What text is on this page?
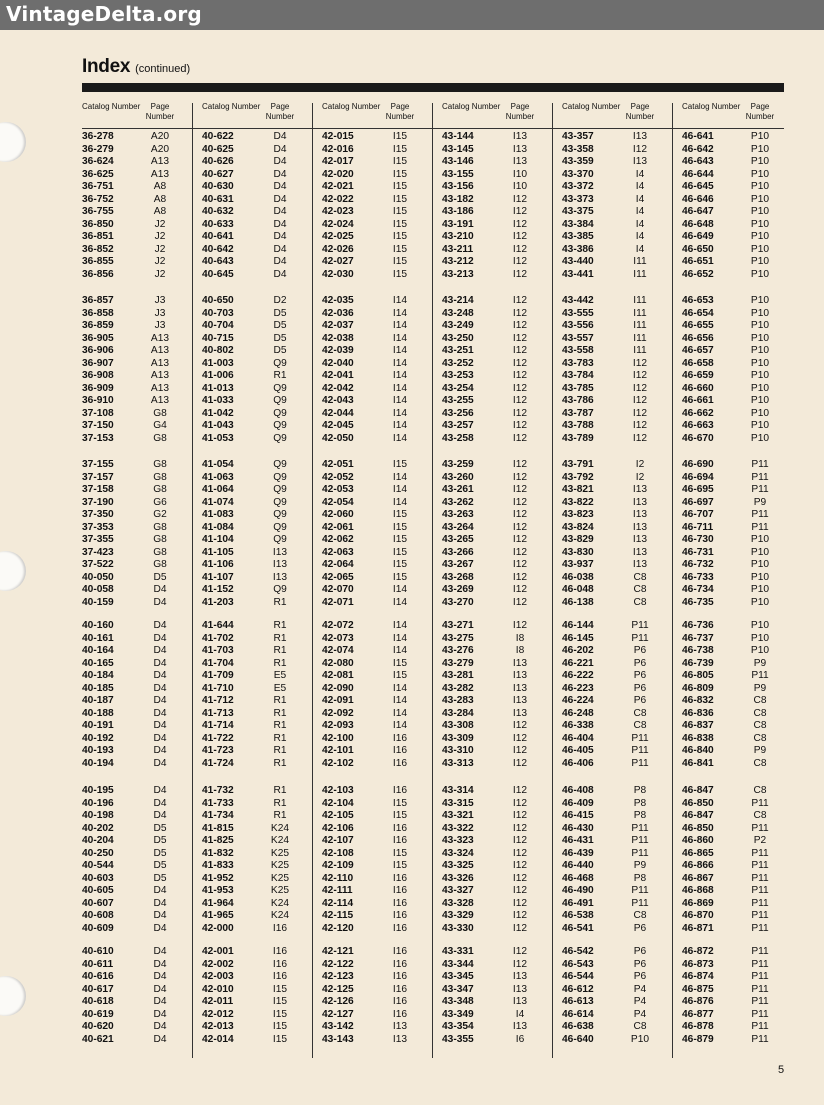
VintageDelta.org
Index (continued)
Catalog Number	Page Number
Catalog Number	Page Number
Catalog Number	Page Number
Catalog Number	Page Number
Catalog Number	Page Number
Catalog Number	Page Number
36-278	A20
36-279	A20
36-624	A13
36-625	A13
36-751	A8
36-752	A8
36-755	A8
36-850	J2
36-851	J2
36-852	J2
36-855	J2
36-856	J2
36-857	J3
36-858	J3
36-859	J3
36-905	A13
36-906	A13
36-907	A13
36-908	A13
36-909	A13
36-910	A13
37-108	G8
37-150	G4
37-153	G8
37-155	G8
37-157	G8
37-158	G8
37-190	G6
37-350	G2
37-353	G8
37-355	G8
37-423	G8
37-522	G8
40-050	D5
40-058	D4
40-159	D4
40-160	D4
40-161	D4
40-164	D4
40-165	D4
40-184	D4
40-185	D4
40-187	D4
40-188	D4
40-191	D4
40-192	D4
40-193	D4
40-194	D4
40-195	D4
40-196	D4
40-198	D4
40-202	D5
40-204	D5
40-250	D5
40-544	D5
40-603	D5
40-605	D4
40-607	D4
40-608	D4
40-609	D4
40-610	D4
40-611	D4
40-616	D4
40-617	D4
40-618	D4
40-619	D4
40-620	D4
40-621	D4
40-622	D4
40-625	D4
40-626	D4
40-627	D4
40-630	D4
40-631	D4
40-632	D4
40-633	D4
40-641	D4
40-642	D4
40-643	D4
40-645	D4
40-650	D2
40-703	D5
40-704	D5
40-715	D5
40-802	D5
41-003	Q9
41-006	R1
41-013	Q9
41-033	Q9
41-042	Q9
41-043	Q9
41-053	Q9
41-054	Q9
41-063	Q9
41-064	Q9
41-074	Q9
41-083	Q9
41-084	Q9
41-104	Q9
41-105	I13
41-106	I13
41-107	I13
41-152	Q9
41-203	R1
41-644	R1
41-702	R1
41-703	R1
41-704	R1
41-709	E5
41-710	E5
41-712	R1
41-713	R1
41-714	R1
41-722	R1
41-723	R1
41-724	R1
41-732	R1
41-733	R1
41-734	R1
41-815	K24
41-825	K24
41-832	K25
41-833	K25
41-952	K25
41-953	K25
41-964	K24
41-965	K24
42-000	I16
42-001	I16
42-002	I16
42-003	I16
42-010	I15
42-011	I15
42-012	I15
42-013	I15
42-014	I15
42-015	I15
42-016	I15
42-017	I15
42-020	I15
42-021	I15
42-022	I15
42-023	I15
42-024	I15
42-025	I15
42-026	I15
42-027	I15
42-030	I15
42-035	I14
42-036	I14
42-037	I14
42-038	I14
42-039	I14
42-040	I14
42-041	I14
42-042	I14
42-043	I14
42-044	I14
42-045	I14
42-050	I14
42-051	I15
42-052	I14
42-053	I14
42-054	I14
42-060	I15
42-061	I15
42-062	I15
42-063	I15
42-064	I15
42-065	I15
42-070	I14
42-071	I14
42-072	I14
42-073	I14
42-074	I14
42-080	I15
42-081	I15
42-090	I14
42-091	I14
42-092	I14
42-093	I14
42-100	I16
42-101	I16
42-102	I16
42-103	I16
42-104	I15
42-105	I15
42-106	I16
42-107	I16
42-108	I15
42-109	I15
42-110	I16
42-111	I16
42-114	I16
42-115	I16
42-120	I16
42-121	I16
42-122	I16
42-123	I16
42-125	I16
42-126	I16
42-127	I16
43-142	I13
43-143	I13
43-144	I13
43-145	I13
43-146	I13
43-155	I10
43-156	I10
43-182	I12
43-186	I12
43-191	I12
43-210	I12
43-211	I12
43-212	I12
43-213	I12
43-214	I12
43-248	I12
43-249	I12
43-250	I12
43-251	I12
43-252	I12
43-253	I12
43-254	I12
43-255	I12
43-256	I12
43-257	I12
43-258	I12
43-259	I12
43-260	I12
43-261	I12
43-262	I12
43-263	I12
43-264	I12
43-265	I12
43-266	I12
43-267	I12
43-268	I12
43-269	I12
43-270	I12
43-271	I12
43-275	I8
43-276	I8
43-279	I13
43-281	I13
43-282	I13
43-283	I13
43-284	I13
43-308	I12
43-309	I12
43-310	I12
43-313	I12
43-314	I12
43-315	I12
43-321	I12
43-322	I12
43-323	I12
43-324	I12
43-325	I12
43-326	I12
43-327	I12
43-328	I12
43-329	I12
43-330	I12
43-331	I12
43-344	I12
43-345	I13
43-347	I13
43-348	I13
43-349	I4
43-354	I13
43-355	I6
43-357	I13
43-358	I12
43-359	I13
43-370	I4
43-372	I4
43-373	I4
43-375	I4
43-384	I4
43-385	I4
43-386	I4
43-440	I11
43-441	I11
43-442	I11
43-555	I11
43-556	I11
43-557	I11
43-558	I11
43-783	I12
43-784	I12
43-785	I12
43-786	I12
43-787	I12
43-788	I12
43-789	I12
43-791	I2
43-792	I2
43-821	I13
43-822	I13
43-823	I13
43-824	I13
43-829	I13
43-830	I13
43-937	I13
46-038	C8
46-048	C8
46-138	C8
46-144	P11
46-145	P11
46-202	P6
46-221	P6
46-222	P6
46-223	P6
46-224	P6
46-248	C8
46-338	C8
46-404	P11
46-405	P11
46-406	P11
46-408	P8
46-409	P8
46-415	P8
46-430	P11
46-431	P11
46-439	P11
46-440	P9
46-468	P8
46-490	P11
46-491	P11
46-538	C8
46-541	P6
46-542	P6
46-543	P6
46-544	P6
46-612	P4
46-613	P4
46-614	P4
46-638	C8
46-640	P10
46-641	P10
46-642	P10
46-643	P10
46-644	P10
46-645	P10
46-646	P10
46-647	P10
46-648	P10
46-649	P10
46-650	P10
46-651	P10
46-652	P10
46-653	P10
46-654	P10
46-655	P10
46-656	P10
46-657	P10
46-658	P10
46-659	P10
46-660	P10
46-661	P10
46-662	P10
46-663	P10
46-670	P10
46-690	P11
46-694	P11
46-695	P11
46-697	P9
46-707	P11
46-711	P11
46-730	P10
46-731	P10
46-732	P10
46-733	P10
46-734	P10
46-735	P10
46-736	P10
46-737	P10
46-738	P10
46-739	P9
46-805	P11
46-809	P9
46-832	C8
46-836	C8
46-837	C8
46-838	C8
46-840	P9
46-841	C8
46-847	C8
46-850	P11
46-847	C8
46-850	P11
46-860	P2
46-865	P11
46-866	P11
46-867	P11
46-868	P11
46-869	P11
46-870	P11
46-871	P11
46-872	P11
46-873	P11
46-874	P11
46-875	P11
46-876	P11
46-877	P11
46-878	P11
46-879	P11
5
